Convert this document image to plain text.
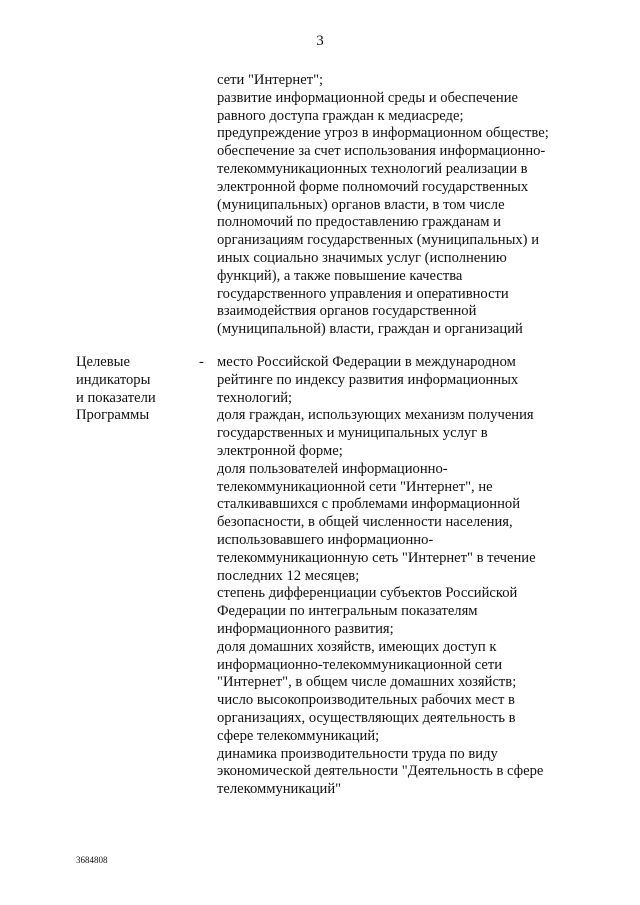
3
сети "Интернет";
развитие информационной среды и обеспечение
равного доступа граждан к медиасреде;
предупреждение угроз в информационном обществе;
обеспечение за счет использования информационно-
телекоммуникационных технологий реализации в
электронной форме полномочий государственных
(муниципальных) органов власти, в том числе
полномочий по предоставлению гражданам и
организациям государственных (муниципальных) и
иных социально значимых услуг (исполнению
функций), а также повышение качества
государственного управления и оперативности
взаимодействия органов государственной
(муниципальной) власти, граждан и организаций
Целевые
индикаторы
и показатели
Программы
- место Российской Федерации в международном
рейтинге по индексу развития информационных
технологий;
доля граждан, использующих механизм получения
государственных и муниципальных услуг в
электронной форме;
доля пользователей информационно-
телекоммуникационной сети "Интернет", не
сталкивавшихся с проблемами информационной
безопасности, в общей численности населения,
использовавшего информационно-
телекоммуникационную сеть "Интернет" в течение
последних 12 месяцев;
степень дифференциации субъектов Российской
Федерации по интегральным показателям
информационного развития;
доля домашних хозяйств, имеющих доступ к
информационно-телекоммуникационной сети
"Интернет", в общем числе домашних хозяйств;
число высокопроизводительных рабочих мест в
организациях, осуществляющих деятельность в
сфере телекоммуникаций;
динамика производительности труда по виду
экономической деятельности "Деятельность в сфере
телекоммуникаций"
3684808
